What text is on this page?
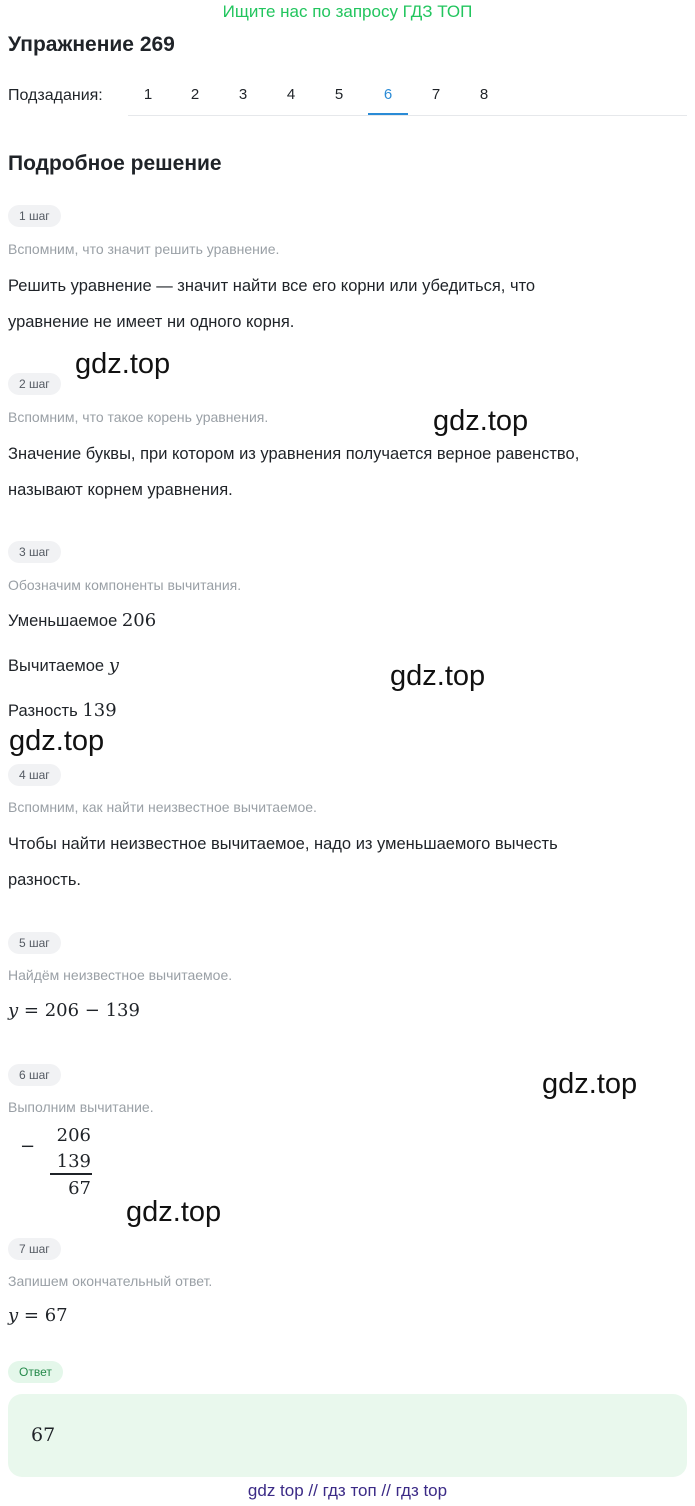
Ищите нас по запросу ГДЗ ТОП
Упражнение 269
Подзадания:	1	2	3	4	5	6	7	8
Подробное решение
1 шаг
Вспомним, что значит решить уравнение.
Решить уравнение — значит найти все его корни или убедиться, что
уравнение не имеет ни одного корня.
2 шаг
Вспомним, что такое корень уравнения.
Значение буквы, при котором из уравнения получается верное равенство,
называют корнем уравнения.
3 шаг
Обозначим компоненты вычитания.
Уменьшаемое 206
Вычитаемое y
Разность 139
4 шаг
Вспомним, как найти неизвестное вычитаемое.
Чтобы найти неизвестное вычитаемое, надо из уменьшаемого вычесть
разность.
5 шаг
Найдём неизвестное вычитаемое.
y = 206 − 139
6 шаг
Выполним вычитание.
206
−
139
67
7 шаг
Запишем окончательный ответ.
y = 67
Ответ
67
gdz.top
gdz.top
gdz.top
gdz.top
gdz.top
gdz.top
gdz top // гдз топ // гдз top
